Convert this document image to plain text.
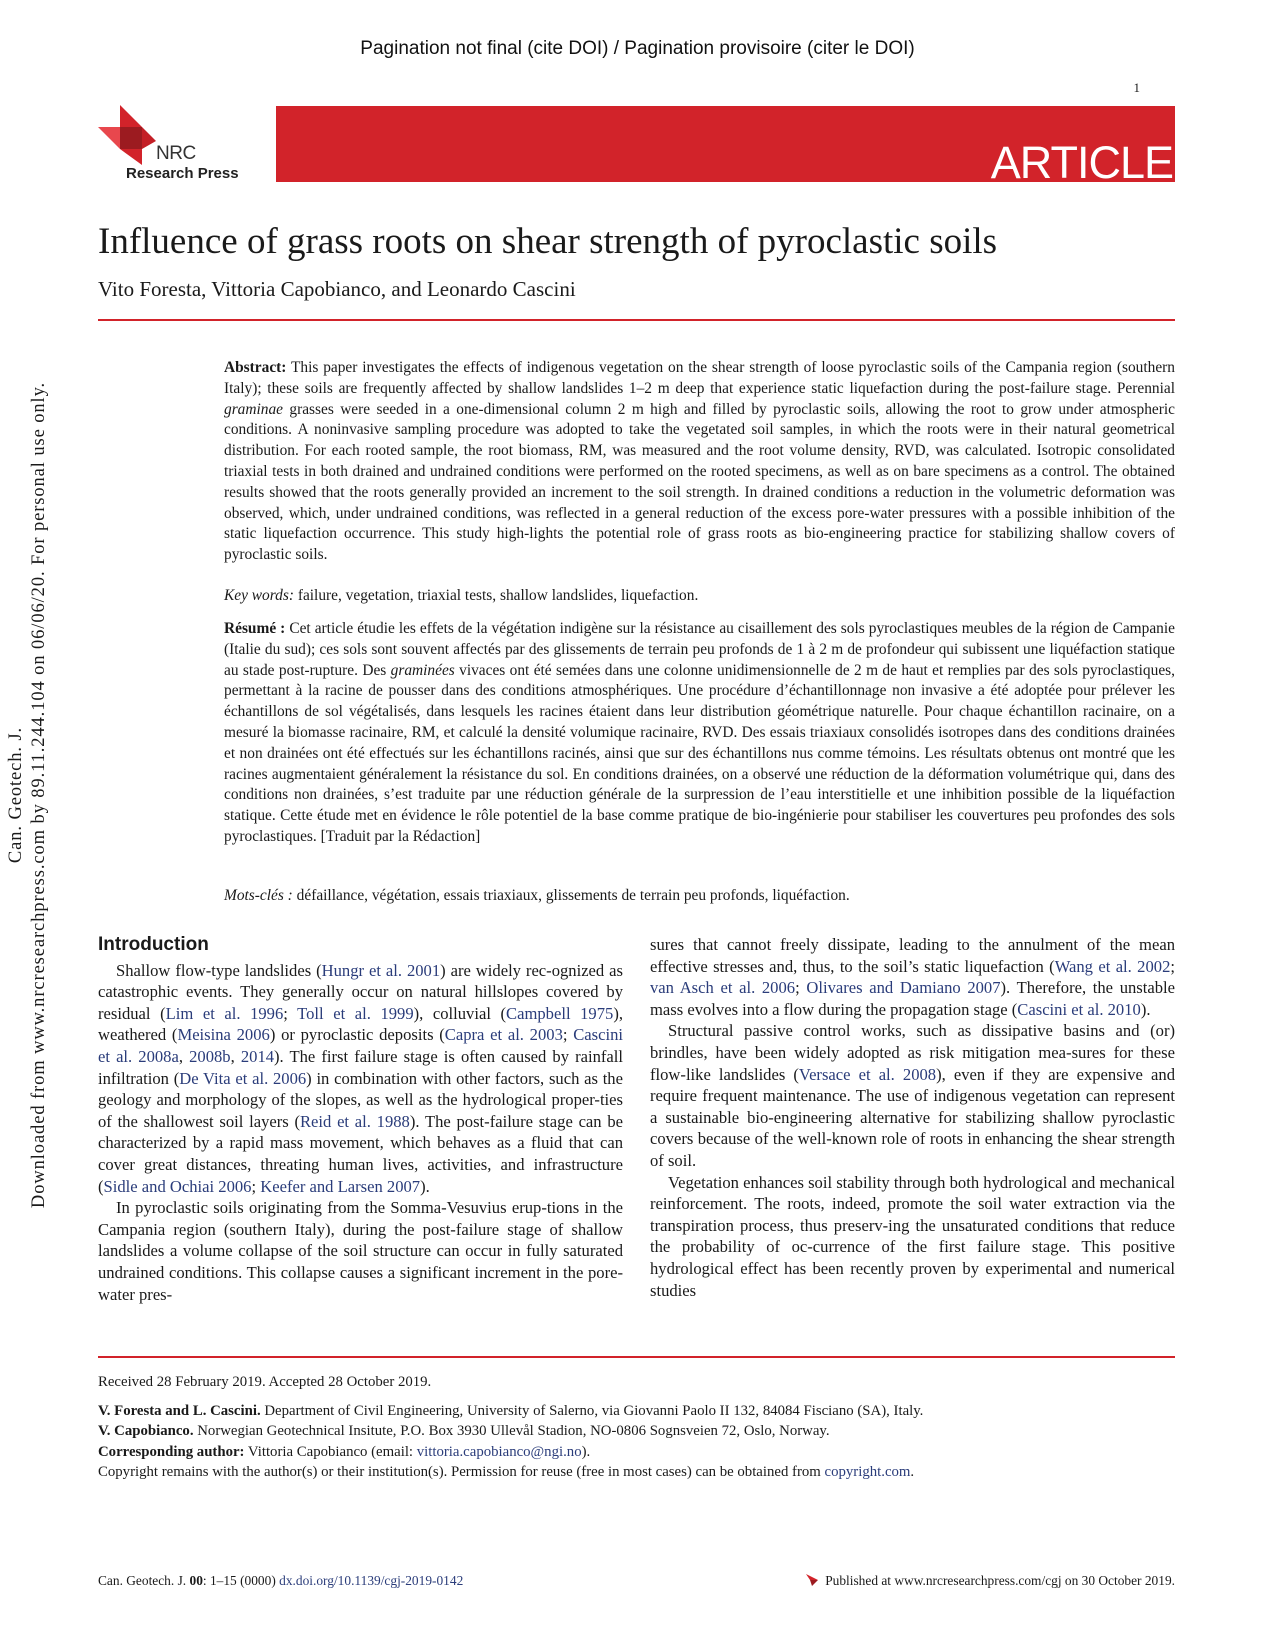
Pagination not final (cite DOI) / Pagination provisoire (citer le DOI)
1
NRC
Research Press	ARTICLE
Influence of grass roots on shear strength of pyroclastic soils
Vito Foresta, Vittoria Capobianco, and Leonardo Cascini
Can. Geotech. J. Downloaded from www.nrcresearchpress.com by 89.11.244.104 on 06/06/20. For personal use only.
Abstract: This paper investigates the effects of indigenous vegetation on the shear strength of loose pyroclastic soils of the Campania region (southern Italy); these soils are frequently affected by shallow landslides 1–2 m deep that experience static liquefaction during the post-failure stage. Perennial graminae grasses were seeded in a one-dimensional column 2 m high and filled by pyroclastic soils, allowing the root to grow under atmospheric conditions. A noninvasive sampling procedure was adopted to take the vegetated soil samples, in which the roots were in their natural geometrical distribution. For each rooted sample, the root biomass, RM, was measured and the root volume density, RVD, was calculated. Isotropic consolidated triaxial tests in both drained and undrained conditions were performed on the rooted specimens, as well as on bare specimens as a control. The obtained results showed that the roots generally provided an increment to the soil strength. In drained conditions a reduction in the volumetric deformation was observed, which, under undrained conditions, was reflected in a general reduction of the excess pore-water pressures with a possible inhibition of the static liquefaction occurrence. This study high-lights the potential role of grass roots as bio-engineering practice for stabilizing shallow covers of pyroclastic soils.
Key words: failure, vegetation, triaxial tests, shallow landslides, liquefaction.
Résumé : Cet article étudie les effets de la végétation indigène sur la résistance au cisaillement des sols pyroclastiques meubles de la région de Campanie (Italie du sud); ces sols sont souvent affectés par des glissements de terrain peu profonds de 1 à 2 m de profondeur qui subissent une liquéfaction statique au stade post-rupture. Des graminées vivaces ont été semées dans une colonne unidimensionnelle de 2 m de haut et remplies par des sols pyroclastiques, permettant à la racine de pousser dans des conditions atmosphériques. Une procédure d’échantillonnage non invasive a été adoptée pour prélever les échantillons de sol végétalisés, dans lesquels les racines étaient dans leur distribution géométrique naturelle. Pour chaque échantillon racinaire, on a mesuré la biomasse racinaire, RM, et calculé la densité volumique racinaire, RVD. Des essais triaxiaux consolidés isotropes dans des conditions drainées et non drainées ont été effectués sur les échantillons racinés, ainsi que sur des échantillons nus comme témoins. Les résultats obtenus ont montré que les racines augmentaient généralement la résistance du sol. En conditions drainées, on a observé une réduction de la déformation volumétrique qui, dans des conditions non drainées, s’est traduite par une réduction générale de la surpression de l’eau interstitielle et une inhibition possible de la liquéfaction statique. Cette étude met en évidence le rôle potentiel de la base comme pratique de bio-ingénierie pour stabiliser les couvertures peu profondes des sols pyroclastiques. [Traduit par la Rédaction]
Mots-clés : défaillance, végétation, essais triaxiaux, glissements de terrain peu profonds, liquéfaction.
Introduction

Shallow flow-type landslides (Hungr et al. 2001) are widely rec-ognized as catastrophic events. They generally occur on natural hillslopes covered by residual (Lim et al. 1996; Toll et al. 1999), colluvial (Campbell 1975), weathered (Meisina 2006) or pyroclastic deposits (Capra et al. 2003; Cascini et al. 2008a, 2008b, 2014). The first failure stage is often caused by rainfall infiltration (De Vita et al. 2006) in combination with other factors, such as the geology and morphology of the slopes, as well as the hydrological proper-ties of the shallowest soil layers (Reid et al. 1988). The post-failure stage can be characterized by a rapid mass movement, which behaves as a fluid that can cover great distances, threating human lives, activities, and infrastructure (Sidle and Ochiai 2006; Keefer and Larsen 2007).

In pyroclastic soils originating from the Somma-Vesuvius erup-tions in the Campania region (southern Italy), during the post-failure stage of shallow landslides a volume collapse of the soil structure can occur in fully saturated undrained conditions. This collapse causes a significant increment in the pore-water pres-

sures that cannot freely dissipate, leading to the annulment of the mean effective stresses and, thus, to the soil’s static liquefaction (Wang et al. 2002; van Asch et al. 2006; Olivares and Damiano 2007). Therefore, the unstable mass evolves into a flow during the propagation stage (Cascini et al. 2010).

Structural passive control works, such as dissipative basins and (or) brindles, have been widely adopted as risk mitigation mea-sures for these flow-like landslides (Versace et al. 2008), even if they are expensive and require frequent maintenance. The use of indigenous vegetation can represent a sustainable bio-engineering alternative for stabilizing shallow pyroclastic covers because of the well-known role of roots in enhancing the shear strength of soil.

Vegetation enhances soil stability through both hydrological and mechanical reinforcement. The roots, indeed, promote the soil water extraction via the transpiration process, thus preserv-ing the unsaturated conditions that reduce the probability of oc-currence of the first failure stage. This positive hydrological effect has been recently proven by experimental and numerical studies

Received 28 February 2019. Accepted 28 October 2019.
V. Foresta and L. Cascini. Department of Civil Engineering, University of Salerno, via Giovanni Paolo II 132, 84084 Fisciano (SA), Italy.
V. Capobianco. Norwegian Geotechnical Insitute, P.O. Box 3930 Ullevål Stadion, NO-0806 Sognsveien 72, Oslo, Norway.
Corresponding author: Vittoria Capobianco (email: vittoria.capobianco@ngi.no).
Copyright remains with the author(s) or their institution(s). Permission for reuse (free in most cases) can be obtained from copyright.com.
Can. Geotech. J. 00: 1–15 (0000) dx.doi.org/10.1139/cgj-2019-0142	Published at www.nrcresearchpress.com/cgj on 30 October 2019.
